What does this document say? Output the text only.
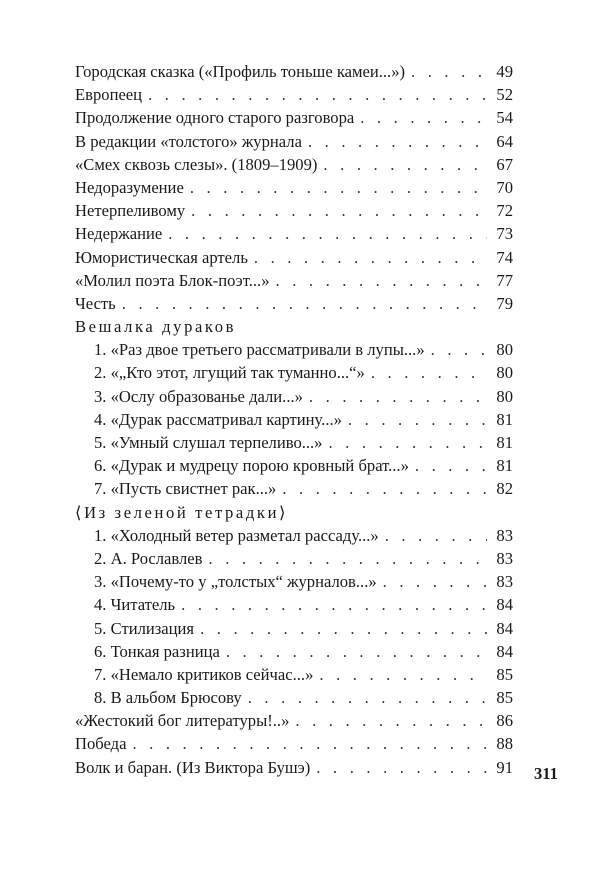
Городская сказка («Профиль тоньше камеи...») . . .	49
Европеец . . .	52
Продолжение одного старого разговора . . .	54
В редакции «толстого» журнала . . .	64
«Смех сквозь слезы». (1809–1909) . . .	67
Недоразумение . . .	70
Нетерпеливому . . .	72
Недержание . . .	73
Юмористическая артель . . .	74
«Молил поэта Блок-поэт...» . . .	77
Честь . . .	79
Вешалка дураков
1. «Раз двое третьего рассматривали в лупы...» . . .	80
2. «„Кто этот, лгущий так туманно...“» . . .	80
3. «Ослу образованье дали...» . . .	80
4. «Дурак рассматривал картину...» . . .	81
5. «Умный слушал терпеливо...» . . .	81
6. «Дурак и мудрецу порою кровный брат...» . . .	81
7. «Пусть свистнет рак...» . . .	82
⟨Из зеленой тетрадки⟩
1. «Холодный ветер разметал рассаду...» . . .	83
2. А. Рославлев . . .	83
3. «Почему-то у „толстых“ журналов...» . . .	83
4. Читатель . . .	84
5. Стилизация . . .	84
6. Тонкая разница . . .	84
7. «Немало критиков сейчас...» . . .	85
8. В альбом Брюсову . . .	85
«Жестокий бог литературы!..» . . .	86
Победа . . .	88
Волк и баран. (Из Виктора Бушэ) . . .	91 311
